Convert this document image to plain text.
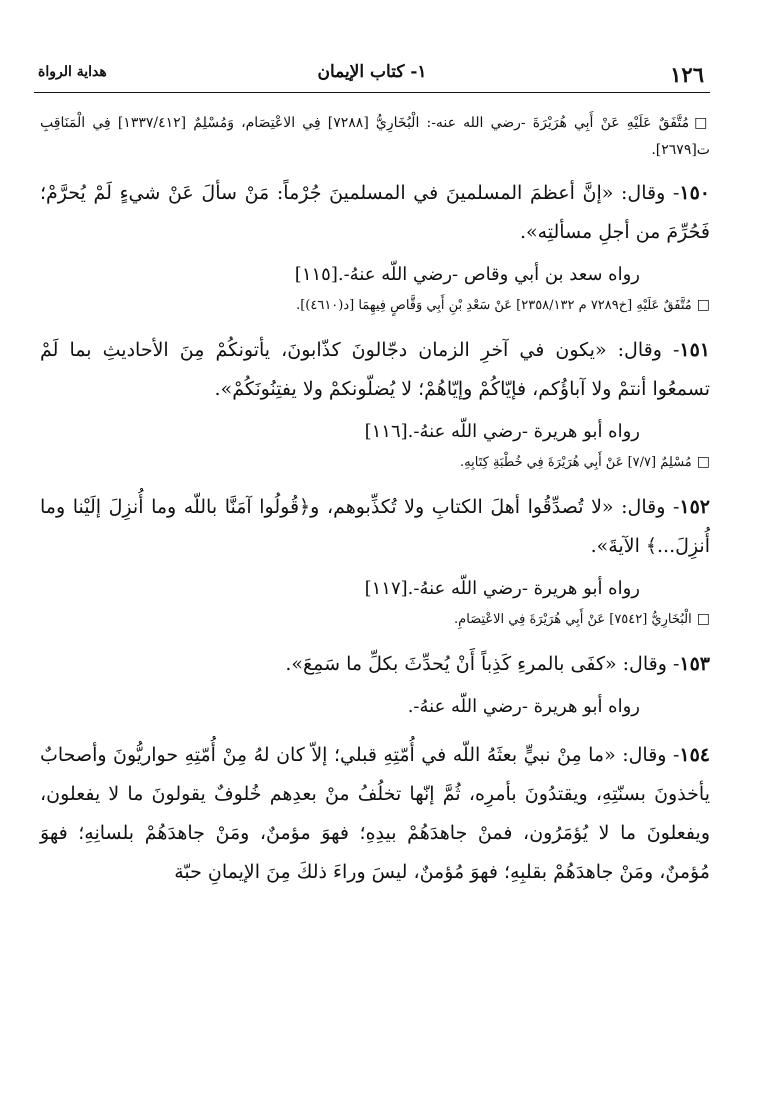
١٢٦
١- كتاب الإيمان
هداية الرواة
□مُتَّفَقٌ عَلَيْهِ عَنْ أَبِي هُرَيْرَةَ -رضي الله عنه-: الْبُخَارِيُّ [٧٢٨٨] فِي الاعْتِصَام، وَمُسْلِمٌ [١٣٣٧/٤١٢] فِي الْمَنَاقِبِ ت[٢٦٧٩].
١٥٠- وقال: «إنَّ أعظمَ المسلمينَ في المسلمينَ جُرْماً: مَنْ سألَ عَنْ شيءٍ لَمْ يُحرَّمْ؛ فَحُرِّمَ من أجلِ مسألتِه».
رواه سعد بن أبي وقاص -رضي اللّه عنهُ-.[١١٥]
□مُتَّفَقٌ عَلَيْهِ [خ٧٢٨٩ م ٢٣٥٨/١٣٢] عَنْ سَعْدِ بْنِ أَبِي وَقَّاصٍ فِيهِمَا [د(٤٦١٠)].
١٥١- وقال: «يكون في آخرِ الزمان دجّالونَ كذّابونَ، يأتونكُمْ مِنَ الأحاديثِ بما لَمْ تسمعُوا أنتمْ ولا آباؤُكم، فإيّاكُمْ وإيّاهُمْ؛ لا يُضلّونكمْ ولا يفتِنُونَكُمْ».
رواه أبو هريرة -رضي اللّه عنهُ-.[١١٦]
□مُسْلِمٌ [٧/٧] عَنْ أَبِي هُرَيْرَةَ فِي خُطْبَةِ كِتَابِهِ.
١٥٢- وقال: «لا تُصدِّقُوا أهلَ الكتابِ ولا تُكذِّبوهم، و﴿قُولُوا آمَنَّا باللّه وما أُنزِلَ إلَيْنا وما أُنزِلَ...﴾ الآيةَ».
رواه أبو هريرة -رضي اللّه عنهُ-.[١١٧]
□الْبُخَارِيُّ [٧٥٤٢] عَنْ أَبِي هُرَيْرَةَ فِي الاعْتِصَامِ.
١٥٣- وقال: «كفَى بالمرءِ كَذِباً أَنْ يُحدِّثَ بكلِّ ما سَمِعَ».
رواه أبو هريرة -رضي اللّه عنهُ-.
١٥٤- وقال: «ما مِنْ نبيٍّ بعثَهُ اللّه في أُمّتِهِ قبلي؛ إلاّ كان لهُ مِنْ أُمّتِهِ حواريُّونَ وأصحابٌ يأخذونَ بسنّتِهِ، ويقتدُونَ بأمرِه، ثُمَّ إنّها تخلُفُ منْ بعدِهم خُلوفٌ يقولونَ ما لا يفعلون، ويفعلونَ ما لا يُؤمَرُون، فمنْ جاهدَهُمْ بيدِهِ؛ فهوَ مؤمنٌ، ومَنْ جاهدَهُمْ بلسانِهِ؛ فهوَ مُؤمنٌ، ومَنْ جاهدَهُمْ بقلبِهِ؛ فهوَ مُؤمنٌ، ليسَ وراءَ ذلكَ مِنَ الإيمانِ حبّة
